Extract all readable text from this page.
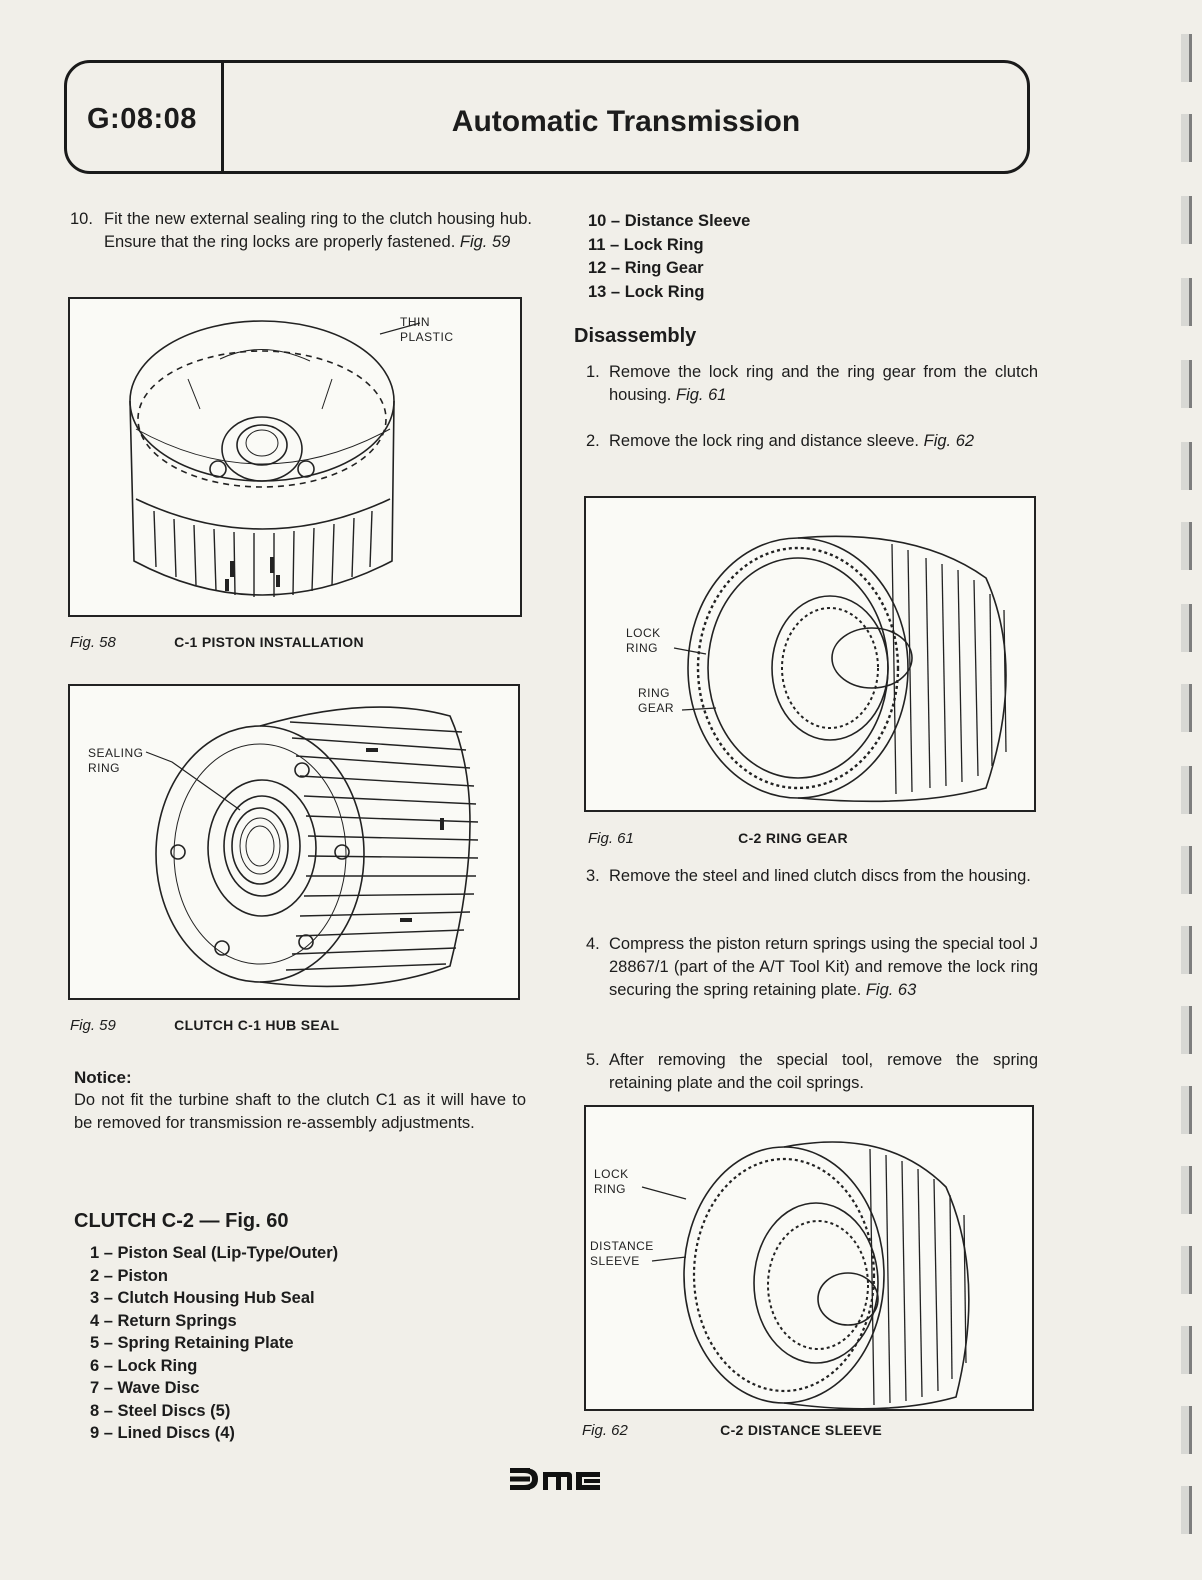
G:08:08	Automatic Transmission
10. Fit the new external sealing ring to the clutch housing hub. Ensure that the ring locks are properly fastened. Fig. 59
THIN
PLASTIC
Fig. 58	C-1 PISTON INSTALLATION
SEALING
RING
Fig. 59	CLUTCH C-1 HUB SEAL
Notice:
Do not fit the turbine shaft to the clutch C1 as it will have to be removed for transmission re-assembly adjustments.
CLUTCH C-2 — Fig. 60
1 – Piston Seal (Lip-Type/Outer)
2 – Piston
3 – Clutch Housing Hub Seal
4 – Return Springs
5 – Spring Retaining Plate
6 – Lock Ring
7 – Wave Disc
8 – Steel Discs (5)
9 – Lined Discs (4)
10 – Distance Sleeve
11 – Lock Ring
12 – Ring Gear
13 – Lock Ring
Disassembly
1. Remove the lock ring and the ring gear from the clutch housing. Fig. 61
2. Remove the lock ring and distance sleeve. Fig. 62
LOCK
RING
RING
GEAR
Fig. 61	C-2 RING GEAR
3. Remove the steel and lined clutch discs from the housing.
4. Compress the piston return springs using the special tool J 28867/1 (part of the A/T Tool Kit) and remove the lock ring securing the spring retaining plate. Fig. 63
5. After removing the special tool, remove the spring retaining plate and the coil springs.
LOCK
RING
DISTANCE
SLEEVE
Fig. 62	C-2 DISTANCE SLEEVE
